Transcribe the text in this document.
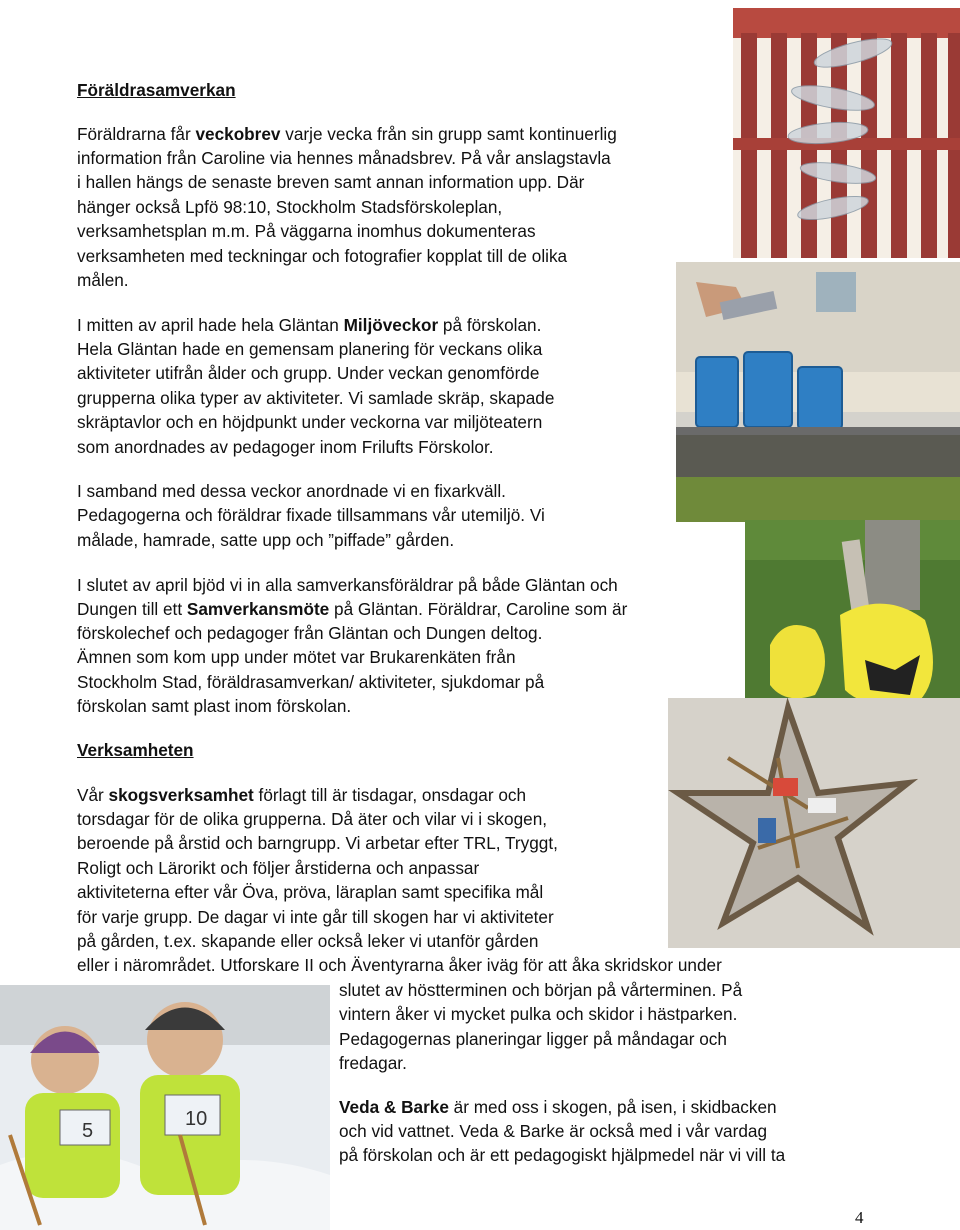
5
10
Föräldrasamverkan
Föräldrarna får veckobrev varje vecka från sin grupp samt kontinuerlig
information från Caroline via hennes månadsbrev. På vår anslagstavla
i hallen hängs de senaste breven samt annan information upp. Där
hänger också Lpfö 98:10, Stockholm Stadsförskoleplan,
verksamhetsplan m.m. På väggarna inomhus dokumenteras
verksamheten med teckningar och fotografier kopplat till de olika
målen.
I mitten av april hade hela Gläntan Miljöveckor på förskolan.
Hela Gläntan hade en gemensam planering för veckans olika
aktiviteter utifrån ålder och grupp. Under veckan genomförde
grupperna olika typer av aktiviteter. Vi samlade skräp, skapade
skräptavlor och en höjdpunkt under veckorna var miljöteatern
som anordnades av pedagoger inom Frilufts Förskolor.
I samband med dessa veckor anordnade vi en fixarkväll.
Pedagogerna och föräldrar fixade tillsammans vår utemiljö. Vi
målade, hamrade, satte upp och ”piffade” gården.
I slutet av april bjöd vi in alla samverkansföräldrar på både Gläntan och
Dungen till ett Samverkansmöte på Gläntan. Föräldrar, Caroline som är
förskolechef och pedagoger från Gläntan och Dungen deltog.
Ämnen som kom upp under mötet var Brukarenkäten från
Stockholm Stad, föräldrasamverkan/ aktiviteter, sjukdomar på
förskolan samt plast inom förskolan.
Verksamheten
Vår skogsverksamhet förlagt till är tisdagar, onsdagar och
torsdagar för de olika grupperna. Då äter och vilar vi i skogen,
beroende på årstid och barngrupp. Vi arbetar efter TRL, Tryggt,
Roligt och Lärorikt och följer årstiderna och anpassar
aktiviteterna efter vår Öva, pröva, läraplan samt specifika mål
för varje grupp. De dagar vi inte går till skogen har vi aktiviteter
på gården, t.ex. skapande eller också leker vi utanför gården
eller i närområdet. Utforskare II och Äventyrarna åker iväg för att åka skridskor under
slutet av höstterminen och början på vårterminen. På
vintern åker vi mycket pulka och skidor i hästparken.
Pedagogernas planeringar ligger på måndagar och
fredagar.
Veda & Barke är med oss i skogen, på isen, i skidbacken
och vid vattnet. Veda & Barke är också med i vår vardag
på förskolan och är ett pedagogiskt hjälpmedel när vi vill ta
4
